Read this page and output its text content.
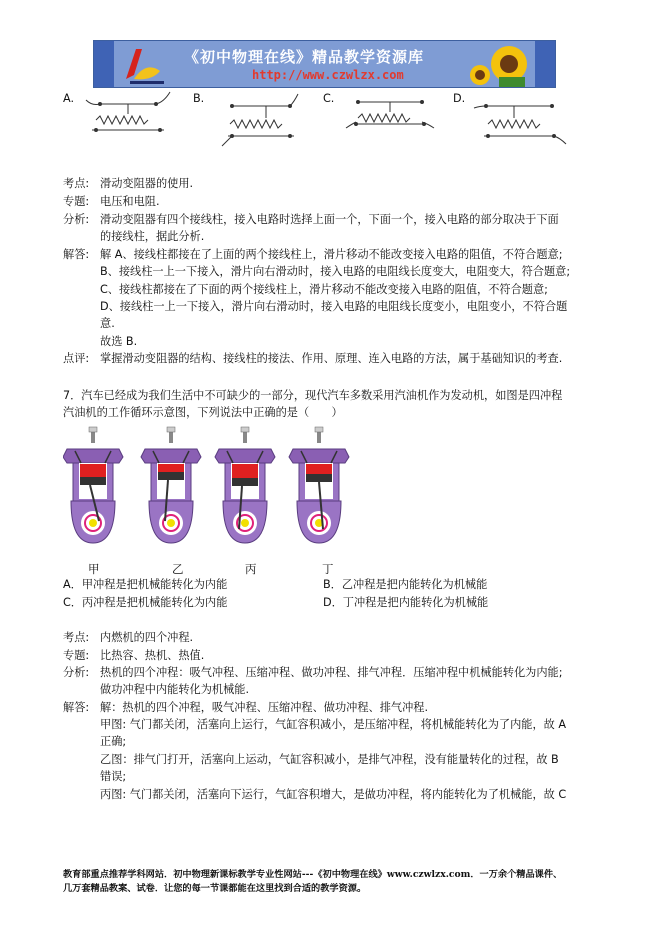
《初中物理在线》精品教学资源库
http://www.czwlzx.com
A.	B.	C.	D.
考点: 滑动变阻器的使用.
专题: 电压和电阻.
分析: 滑动变阻器有四个接线柱，接入电路时选择上面一个，下面一个，接入电路的部分取决于下面
的接线柱，据此分析.
解答: 解 A、接线柱都接在了上面的两个接线柱上，滑片移动不能改变接入电路的阻值，不符合题意;
B、接线柱一上一下接入，滑片向右滑动时，接入电路的电阻线长度变大，电阻变大，符合题意;
C、接线柱都接在了下面的两个接线柱上，滑片移动不能改变接入电路的阻值，不符合题意;
D、接线柱一上一下接入，滑片向右滑动时，接入电路的电阻线长度变小，电阻变小，不符合题
意.
故选 B.
点评: 掌握滑动变阻器的结构、接线柱的接法、作用、原理、连入电路的方法，属于基础知识的考查.
7．汽车已经成为我们生活中不可缺少的一部分，现代汽车多数采用汽油机作为发动机，如图是四冲程
汽油机的工作循环示意图，下列说法中正确的是（　　）
甲	乙	丙	丁
A．甲冲程是把机械能转化为内能	B．乙冲程是把内能转化为机械能
C．丙冲程是把机械能转化为内能	D．丁冲程是把内能转化为机械能
考点: 内燃机的四个冲程.
专题: 比热容、热机、热值.
分析: 热机的四个冲程：吸气冲程、压缩冲程、做功冲程、排气冲程．压缩冲程中机械能转化为内能;
做功冲程中内能转化为机械能.
解答: 解：热机的四个冲程，吸气冲程、压缩冲程、做功冲程、排气冲程.
甲图: 气门都关闭，活塞向上运行，气缸容积减小，是压缩冲程，将机械能转化为了内能，故 A
正确;
乙图：排气门打开，活塞向上运动，气缸容积减小，是排气冲程，没有能量转化的过程，故 B
错误;
丙图: 气门都关闭，活塞向下运行，气缸容积增大，是做功冲程，将内能转化为了机械能，故 C
教育部重点推荐学科网站．初中物理新课标教学专业性网站---《初中物理在线》www.czwlzx.com．一万余个精品课件、
几万套精品教案、试卷．让您的每一节课都能在这里找到合适的教学资源。
